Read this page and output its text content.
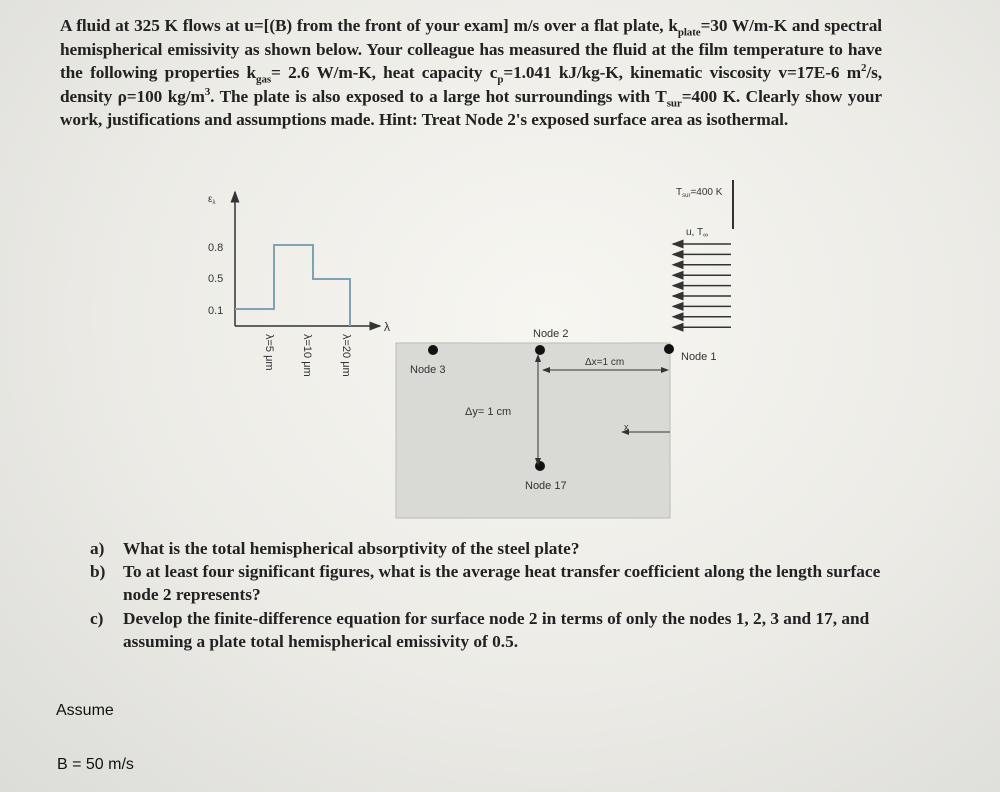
A fluid at 325 K flows at u=[(B) from the front of your exam] m/s over a flat plate, $k_{plate}=30$ W/m-K and spectral hemispherical emissivity as shown below. Your colleague has measured the fluid at the film temperature to have the following properties $k_{gas}= 2.6$ W/m-K, heat capacity $c_p=1.041$ kJ/kg-K, kinematic viscosity v=17E-6 $m^2/s$, density ρ=100 $kg/m^3$. The plate is also exposed to a large hot surroundings with $T_{sur}=400$ K. Clearly show your work, justifications and assumptions made. Hint: Treat Node 2's exposed surface area as isothermal.
$\varepsilon_\lambda$
λ
0.8
0.5
0.1
λ=5 μm λ=10 μm λ=20 μm	Node 2
Node 3
Node 1
Node 17
Δx=1 cm
Δy= 1 cm
x
$T_{sur}=400$ K
u, $T_\infty$
a)	What is the total hemispherical absorptivity of the steel plate?
b)	To at least four significant figures, what is the average heat transfer coefficient along the length surface node 2 represents?
c)	Develop the finite-difference equation for surface node 2 in terms of only the nodes 1, 2, 3 and 17, and assuming a plate total hemispherical emissivity of 0.5.
Assume
B = 50 m/s
